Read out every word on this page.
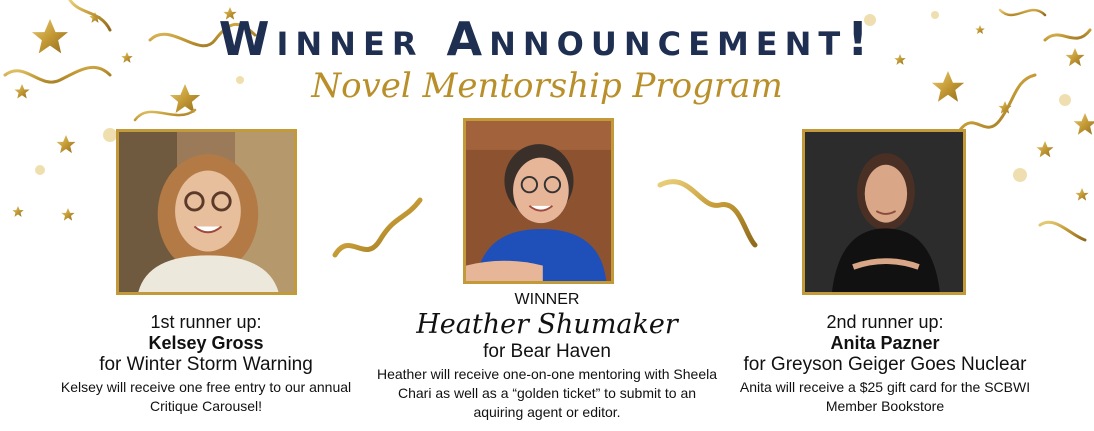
Winner Announcement!
Novel Mentorship Program
1st runner up:
Kelsey Gross
for Winter Storm Warning
Kelsey will receive one free entry to our annual Critique Carousel!
WINNER
Heather Shumaker
for Bear Haven
Heather will receive one-on-one mentoring with Sheela Chari as well as a “golden ticket” to submit to an aquiring agent or editor.
2nd runner up:
Anita Pazner
for Greyson Geiger Goes Nuclear
Anita will receive a $25 gift card for the SCBWI Member Bookstore
